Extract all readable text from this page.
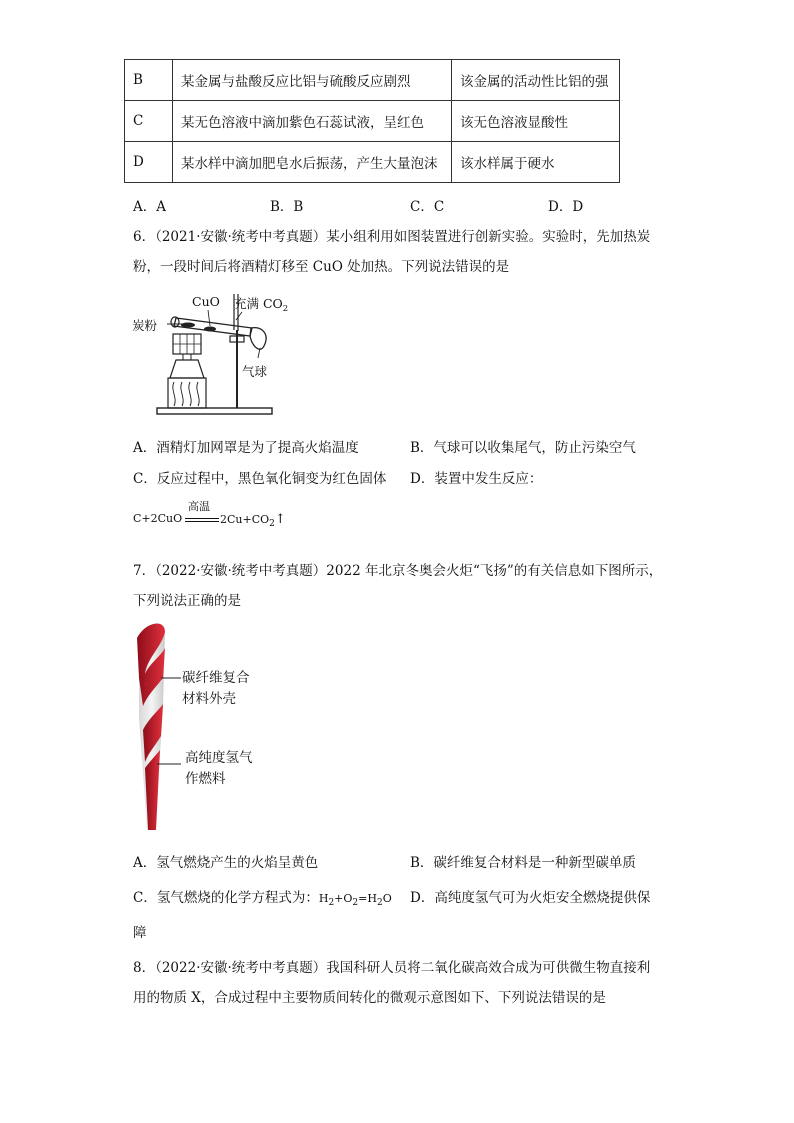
B	某金属与盐酸反应比铝与硫酸反应剧烈	该金属的活动性比铝的强
C	某无色溶液中滴加紫色石蕊试液，呈红色	该无色溶液显酸性
D	某水样中滴加肥皂水后振荡，产生大量泡沫	该水样属于硬水
A．A	B．B	C．C	D．D
6．（2021·安徽·统考中考真题）某小组利用如图装置进行创新实验。实验时，先加热炭
粉，一段时间后将酒精灯移至 CuO 处加热。下列说法错误的是
CuO 充满 $CO_2$
炭粉
气球
A．酒精灯加网罩是为了提高火焰温度	B．气球可以收集尾气，防止污染空气
C．反应过程中，黑色氧化铜变为红色固体 D．装置中发生反应：
C+2CuO
高温
$2Cu+CO_2↑$
7．（2022·安徽·统考中考真题）2022 年北京冬奥会火炬“飞扬”的有关信息如下图所示，
下列说法正确的是
⛷
碳纤维复合
材料外壳
高纯度氢气
作燃料
A．氢气燃烧产生的火焰呈黄色	B．碳纤维复合材料是一种新型碳单质
C．氢气燃烧的化学方程式为：$H_2+O_2=H_2O$ D．高纯度氢气可为火炬安全燃烧提供保
障
8．（2022·安徽·统考中考真题）我国科研人员将二氧化碳高效合成为可供微生物直接利
用的物质 X，合成过程中主要物质间转化的微观示意图如下、下列说法错误的是
